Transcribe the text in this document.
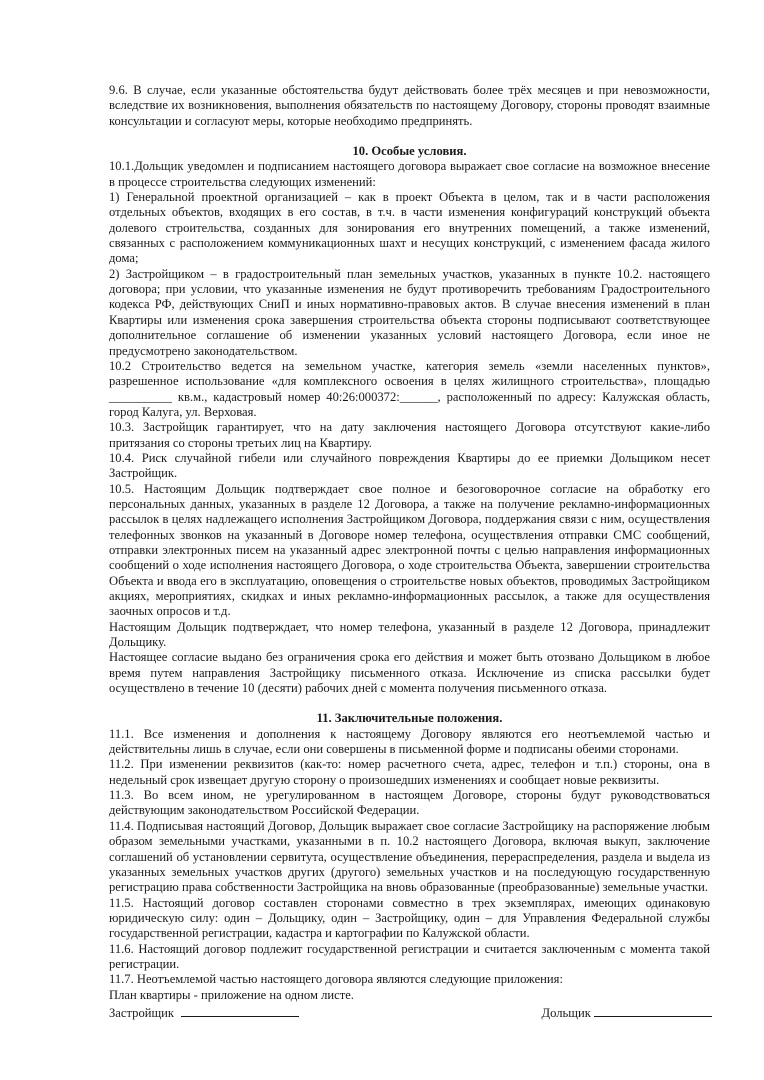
9.6. В случае, если указанные обстоятельства будут действовать более трёх месяцев и при невозможности, вследствие их возникновения, выполнения обязательств по настоящему Договору, стороны проводят взаимные консультации и согласуют меры, которые необходимо предпринять.

10. Особые условия.

10.1.Дольщик уведомлен и подписанием настоящего договора выражает свое согласие на возможное внесение в процессе строительства следующих изменений:

1) Генеральной проектной организацией – как в проект Объекта в целом, так и в части расположения отдельных объектов, входящих в его состав, в т.ч. в части изменения конфигураций конструкций объекта долевого строительства, созданных для зонирования его внутренних помещений, а также изменений, связанных с расположением коммуникационных шахт и несущих конструкций, с изменением фасада жилого дома;

2) Застройщиком – в градостроительный план земельных участков, указанных в пункте 10.2. настоящего договора; при условии, что указанные изменения не будут противоречить требованиям Градостроительного кодекса РФ, действующих СниП и иных нормативно-правовых актов. В случае внесения изменений в план Квартиры или изменения срока завершения строительства объекта стороны подписывают соответствующее дополнительное соглашение об изменении указанных условий настоящего Договора, если иное не предусмотрено законодательством.

10.2 Строительство ведется на земельном участке, категория земель «земли населенных пунктов», разрешенное использование «для комплексного освоения в целях жилищного строительства», площадью __________ кв.м., кадастровый номер 40:26:000372:______, расположенный по адресу: Калужская область, город Калуга, ул. Верховая.

10.3. Застройщик гарантирует, что на дату заключения настоящего Договора отсутствуют какие-либо притязания со стороны третьих лиц на Квартиру.

10.4. Риск случайной гибели или случайного повреждения Квартиры до ее приемки Дольщиком несет Застройщик.

10.5. Настоящим Дольщик подтверждает свое полное и безоговорочное согласие на обработку его персональных данных, указанных в разделе 12 Договора, а также на получение рекламно-информационных рассылок в целях надлежащего исполнения Застройщиком Договора, поддержания связи с ним, осуществления телефонных звонков на указанный в Договоре номер телефона, осуществления отправки СМС сообщений, отправки электронных писем на указанный адрес электронной почты с целью направления информационных сообщений о ходе исполнения настоящего Договора, о ходе строительства Объекта, завершении строительства Объекта и ввода его в эксплуатацию, оповещения о строительстве новых объектов, проводимых Застройщиком акциях, мероприятиях, скидках и иных рекламно-информационных рассылок, а также для осуществления заочных опросов и т.д.

Настоящим Дольщик подтверждает, что номер телефона, указанный в разделе 12 Договора, принадлежит Дольщику.

Настоящее согласие выдано без ограничения срока его действия и может быть отозвано Дольщиком в любое время путем направления Застройщику письменного отказа. Исключение из списка рассылки будет осуществлено в течение 10 (десяти) рабочих дней с момента получения письменного отказа.

11. Заключительные положения.

11.1. Все изменения и дополнения к настоящему Договору являются его неотъемлемой частью и действительны лишь в случае, если они совершены в письменной форме и подписаны обеими сторонами.

11.2. При изменении реквизитов (как-то: номер расчетного счета, адрес, телефон и т.п.) стороны, она в недельный срок извещает другую сторону о произошедших изменениях и сообщает новые реквизиты.

11.3. Во всем ином, не урегулированном в настоящем Договоре, стороны будут руководствоваться действующим законодательством Российской Федерации.

11.4. Подписывая настоящий Договор, Дольщик выражает свое согласие Застройщику на распоряжение любым образом земельными участками, указанными в п. 10.2 настоящего Договора, включая выкуп, заключение соглашений об установлении сервитута, осуществление объединения, перераспределения, раздела и выдела из указанных земельных участков других (другого) земельных участков и на последующую государственную регистрацию права собственности Застройщика на вновь образованные (преобразованные) земельные участки.

11.5. Настоящий договор составлен сторонами совместно в трех экземплярах, имеющих одинаковую юридическую силу: один – Дольщику, один – Застройщику, один – для Управления Федеральной службы государственной регистрации, кадастра и картографии по Калужской области.

11.6. Настоящий договор подлежит государственной регистрации и считается заключенным с момента такой регистрации.

11.7. Неотъемлемой частью настоящего договора являются следующие приложения:

План квартиры - приложение на одном листе.

Застройщик	Дольщик
